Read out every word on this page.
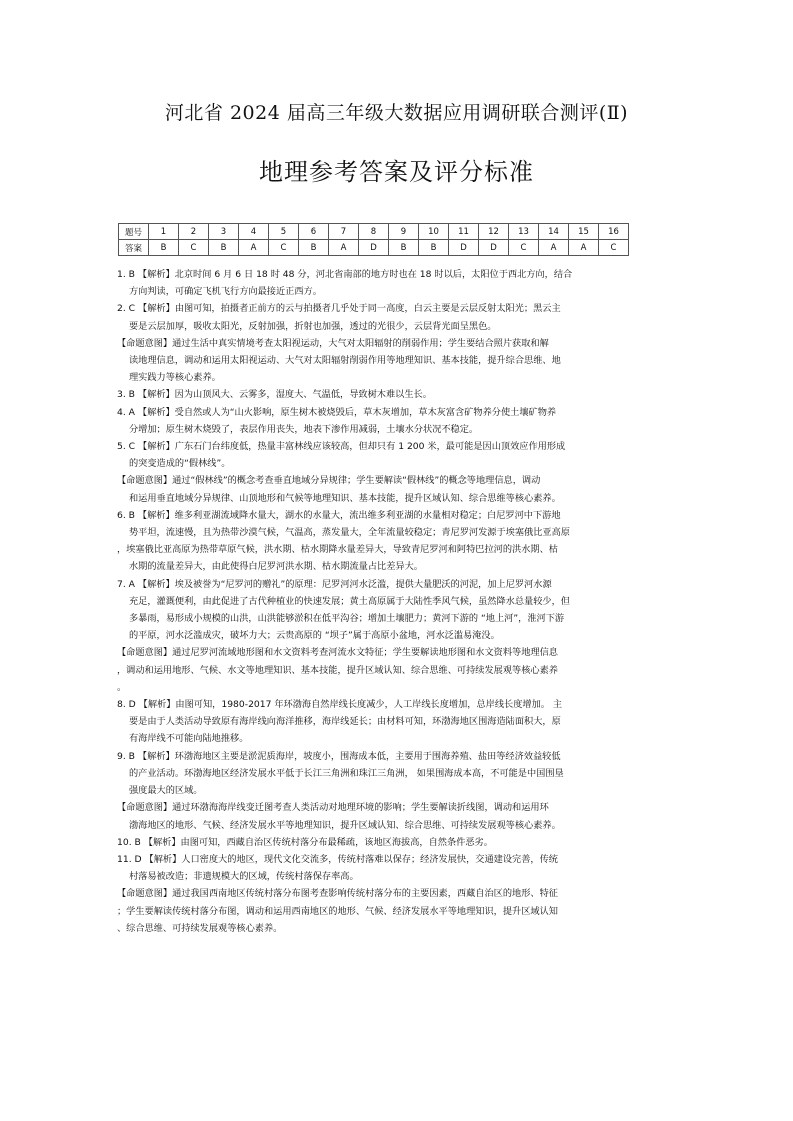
河北省 2024 届高三年级大数据应用调研联合测评(Ⅱ)
地理参考答案及评分标准
题号	1	2	3	4	5	6	7	8	9	10	11	12	13	14	15	16
答案	B	C	B	A	C	B	A	D	B	B	D	D	C	A	A	C
1. B 【解析】北京时间 6 月 6 日 18 时 48 分，河北省南部的地方时也在 18 时以后，太阳位于西北方向，结合
方向判读，可确定飞机飞行方向最接近正西方。
2. C 【解析】由图可知，拍摄者正前方的云与拍摄者几乎处于同一高度，白云主要是云层反射太阳光；黑云主
要是云层加厚，吸收太阳光，反射加强，折射也加强，透过的光很少，云层背光面呈黑色。
【命题意图】通过生活中真实情境考查太阳视运动，大气对太阳辐射的削弱作用；学生要结合照片获取和解
读地理信息，调动和运用太阳视运动、大气对太阳辐射削弱作用等地理知识、基本技能，提升综合思维、地
理实践力等核心素养。
3. B 【解析】因为山顶风大、云雾多，湿度大、气温低，导致树木难以生长。
4. A 【解析】受自然或人为“山火影响，原生树木被烧毁后，草木灰增加，草木灰富含矿物养分使土壤矿物养
分增加；原生树木烧毁了，表层作用丧失，地表下渗作用减弱，土壤水分状况不稳定。
5. C 【解析】广东石门台纬度低，热量丰富林线应该较高，但却只有 1 200 米，最可能是因山顶效应作用形成
的突变造成的“假林线”。
【命题意图】通过“假林线”的概念考查垂直地域分异规律；学生要解读“假林线”的概念等地理信息，调动
和运用垂直地域分异规律、山顶地形和气候等地理知识、基本技能，提升区域认知、综合思维等核心素养。
6. B 【解析】维多利亚湖流域降水量大，湖水的水量大，流出维多利亚湖的水量相对稳定；白尼罗河中下游地
势平坦，流速慢，且为热带沙漠气候，气温高，蒸发量大，全年流量较稳定；青尼罗河发源于埃塞俄比亚高原
，埃塞俄比亚高原为热带草原气候，洪水期、枯水期降水量差异大，导致青尼罗河和阿特巴拉河的洪水期、枯
水期的流量差异大，由此使得白尼罗河洪水期、枯水期流量占比差异大。
7. A 【解析】埃及被誉为“尼罗河的赠礼”的原理：尼罗河河水泛滥，提供大量肥沃的河泥，加上尼罗河水源
充足，灌溉便利，由此促进了古代种植业的快速发展；黄土高原属于大陆性季风气候，虽然降水总量较少，但
多暴雨，易形成小规模的山洪，山洪能够淤积在低平沟谷；增加土壤肥力；黄河下游的 “地上河”，淮河下游
的平原，河水泛滥成灾，破坏力大；云贵高原的 “坝子”属于高原小盆地，河水泛滥易淹没。
【命题意图】通过尼罗河流域地形图和水文资料考查河流水文特征；学生要解读地形图和水文资料等地理信息
，调动和运用地形、气候、水文等地理知识、基本技能，提升区域认知、综合思维、可持续发展观等核心素养
。
8. D 【解析】由图可知，1980-2017 年环渤海自然岸线长度减少，人工岸线长度增加，总岸线长度增加。 主
要是由于人类活动导致原有海岸线向海洋推移，海岸线延长；由材料可知，环渤海地区围海造陆面积大，原
有海岸线不可能向陆地推移。
9. B 【解析】环渤海地区主要是淤泥质海岸，坡度小，围海成本低，主要用于围海养殖、盐田等经济效益较低
的产业活动。环渤海地区经济发展水平低于长江三角洲和珠江三角洲， 如果围海成本高，不可能是中国围垦
强度最大的区域。
【命题意图】通过环渤海海岸线变迁图考查人类活动对地理环境的影响；学生要解读折线图，调动和运用环
渤海地区的地形、气候、经济发展水平等地理知识，提升区域认知、综合思维、可持续发展观等核心素养。
10. B 【解析】由图可知，西藏自治区传统村落分布最稀疏，该地区海拔高，自然条件恶劣。
11. D 【解析】人口密度大的地区，现代文化交流多，传统村落难以保存；经济发展快，交通建设完善，传统
村落易被改造；非遗规模大的区域，传统村落保存率高。
【命题意图】通过我国西南地区传统村落分布图考查影响传统村落分布的主要因素，西藏自治区的地形、特征
；学生要解读传统村落分布图，调动和运用西南地区的地形、气候、经济发展水平等地理知识，提升区域认知
、综合思维、可持续发展观等核心素养。
